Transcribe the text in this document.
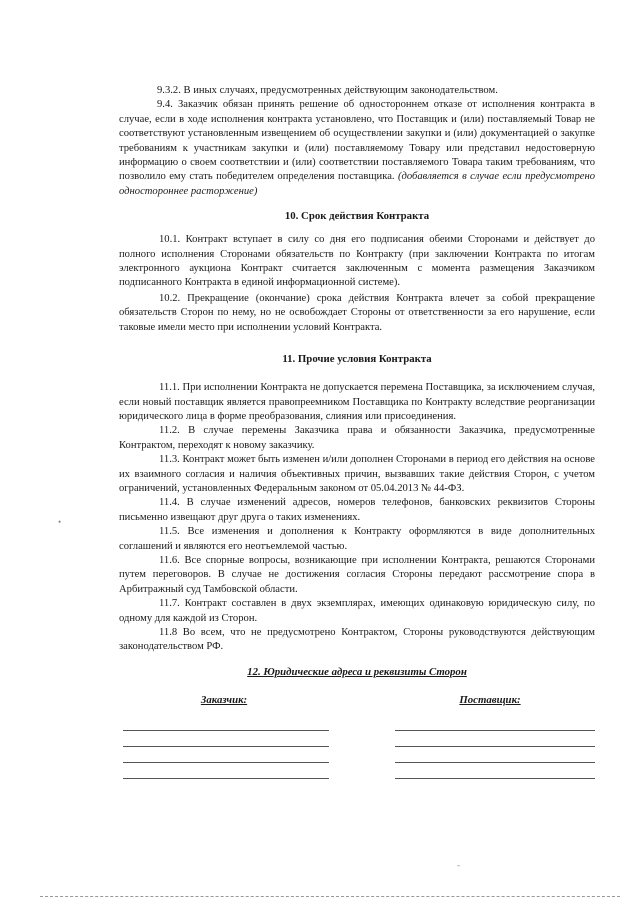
9.3.2. В иных случаях, предусмотренных действующим законодательством.

9.4. Заказчик обязан принять решение об одностороннем отказе от исполнения контракта в случае, если в ходе исполнения контракта установлено, что Поставщик и (или) поставляемый Товар не соответствуют установленным извещением об осуществлении закупки и (или) документацией о закупке требованиям к участникам закупки и (или) поставляемому Товару или представил недостоверную информацию о своем соответствии и (или) соответствии поставляемого Товара таким требованиям, что позволило ему стать победителем определения поставщика. (добавляется в случае если предусмотрено одностороннее расторжение)

10. Срок действия Контракта

10.1. Контракт вступает в силу со дня его подписания обеими Сторонами и действует до полного исполнения Сторонами обязательств по Контракту (при заключении Контракта по итогам электронного аукциона Контракт считается заключенным с момента размещения Заказчиком подписанного Контракта в единой информационной системе).

10.2. Прекращение (окончание) срока действия Контракта влечет за собой прекращение обязательств Сторон по нему, но не освобождает Стороны от ответственности за его нарушение, если таковые имели место при исполнении условий Контракта.

11. Прочие условия Контракта

11.1. При исполнении Контракта не допускается перемена Поставщика, за исключением случая, если новый поставщик является правопреемником Поставщика по Контракту вследствие реорганизации юридического лица в форме преобразования, слияния или присоединения.

11.2. В случае перемены Заказчика права и обязанности Заказчика, предусмотренные Контрактом, переходят к новому заказчику.

11.3. Контракт может быть изменен и/или дополнен Сторонами в период его действия на основе их взаимного согласия и наличия объективных причин, вызвавших такие действия Сторон, с учетом ограничений, установленных Федеральным законом от 05.04.2013 № 44-ФЗ.

11.4. В случае изменений адресов, номеров телефонов, банковских реквизитов Стороны письменно извещают друг друга о таких изменениях.

11.5. Все изменения и дополнения к Контракту оформляются в виде дополнительных соглашений и являются его неотъемлемой частью.

11.6. Все спорные вопросы, возникающие при исполнении Контракта, решаются Сторонами путем переговоров. В случае не достижения согласия Стороны передают рассмотрение спора в Арбитражный суд Тамбовской области.

11.7. Контракт составлен в двух экземплярах, имеющих одинаковую юридическую силу, по одному для каждой из Сторон.

11.8 Во всем, что не предусмотрено Контрактом, Стороны руководствуются действующим законодательством РФ.

12. Юридические адреса и реквизиты Сторон
Заказчик:	Поставщик:
•
-
